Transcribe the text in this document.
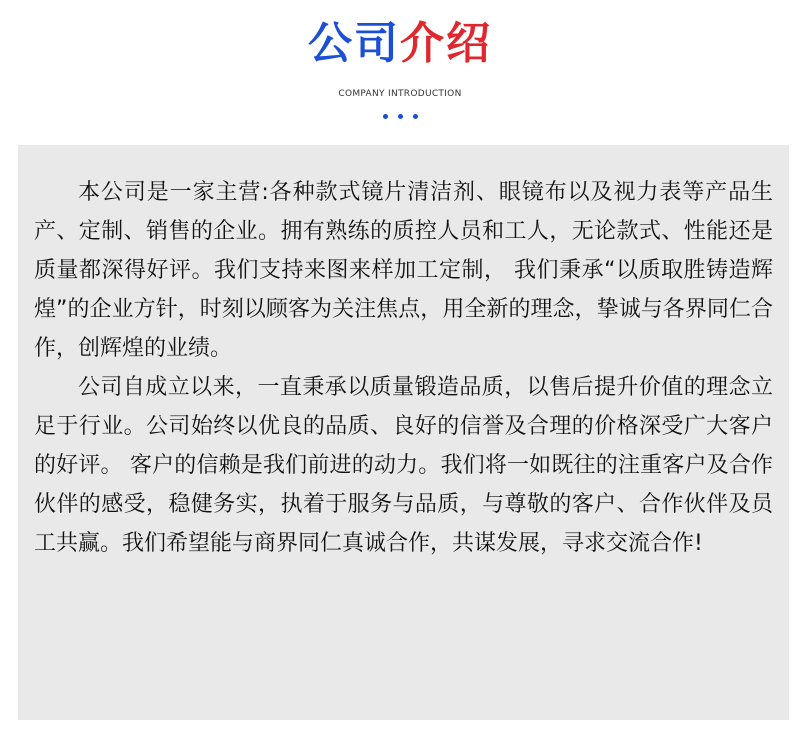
公司介绍
COMPANY INTRODUCTION

本公司是一家主营:各种款式镜片清洁剂、眼镜布以及视力表等产品生产、定制、销售的企业。拥有熟练的质控人员和工人，无论款式、性能还是质量都深得好评。我们支持来图来样加工定制， 我们秉承“以质取胜铸造辉煌”的企业方针，时刻以顾客为关注焦点，用全新的理念，挚诚与各界同仁合作，创辉煌的业绩。

公司自成立以来，一直秉承以质量锻造品质，以售后提升价值的理念立足于行业。公司始终以优良的品质、良好的信誉及合理的价格深受广大客户的好评。 客户的信赖是我们前进的动力。我们将一如既往的注重客户及合作伙伴的感受，稳健务实，执着于服务与品质，与尊敬的客户、合作伙伴及员工共赢。我们希望能与商界同仁真诚合作，共谋发展，寻求交流合作!
